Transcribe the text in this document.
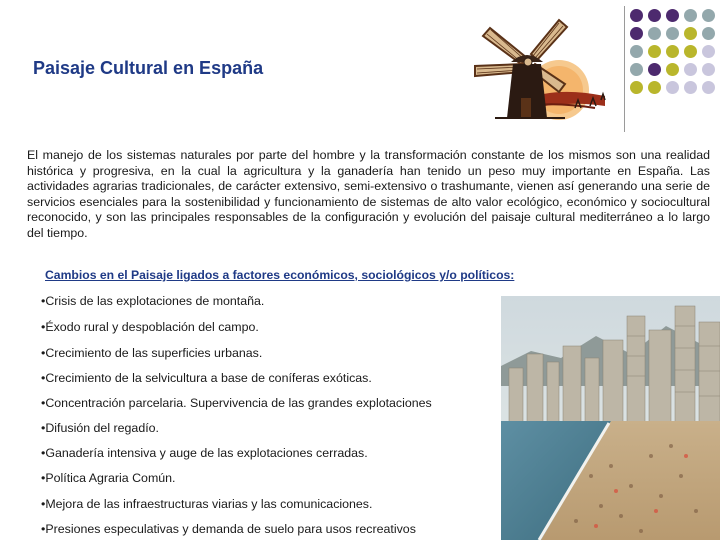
Paisaje Cultural en España
El manejo de los sistemas naturales por parte del hombre y la transformación constante de los mismos son una realidad histórica y progresiva, en la cual la agricultura y la ganadería han tenido un peso muy importante en España. Las actividades agrarias tradicionales, de carácter extensivo, semi-extensivo o trashumante, vienen así generando una serie de servicios esenciales para la sostenibilidad y funcionamiento de sistemas de alto valor ecológico, económico y sociocultural reconocido, y son las principales responsables de la configuración y evolución del paisaje cultural mediterráneo a lo largo del tiempo.
Cambios en el Paisaje ligados a factores económicos, sociológicos y/o políticos:
•Crisis de las explotaciones de montaña.
•Éxodo rural y despoblación del campo.
•Crecimiento de las superficies urbanas.
•Crecimiento de la selvicultura a base de coníferas exóticas.
•Concentración parcelaria. Supervivencia de las grandes explotaciones
•Difusión del regadío.
•Ganadería intensiva y auge de las explotaciones cerradas.
•Política Agraria Común.
•Mejora de las infraestructuras viarias y las comunicaciones.
•Presiones especulativas y demanda de suelo para usos recreativos
